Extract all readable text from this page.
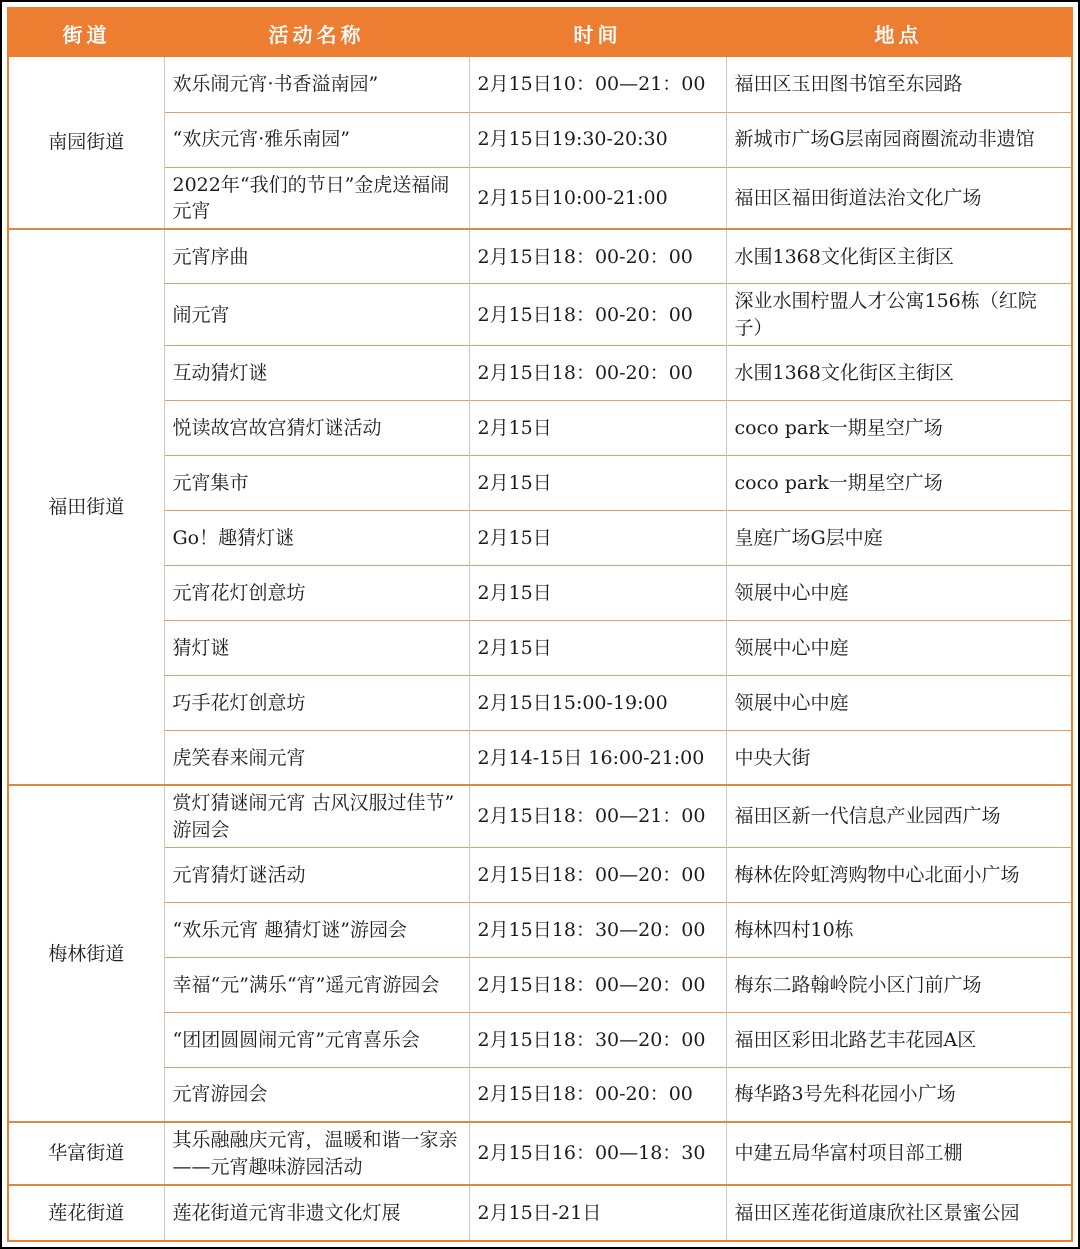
街道	活动名称	时间	地点
南园街道	欢乐闹元宵·书香溢南园”	2月15日10：00—21：00	福田区玉田图书馆至东园路
	“欢庆元宵·雅乐南园”	2月15日19:30-20:30	新城市广场G层南园商圈流动非遗馆
	2022年“我们的节日”金虎送福闹元宵	2月15日10:00-21:00	福田区福田街道法治文化广场
福田街道	元宵序曲	2月15日18：00-20：00	水围1368文化街区主街区
	闹元宵	2月15日18：00-20：00	深业水围柠盟人才公寓156栋（红院子）
	互动猜灯谜	2月15日18：00-20：00	水围1368文化街区主街区
	悦读故宫故宫猜灯谜活动	2月15日	coco park一期星空广场
	元宵集市	2月15日	coco park一期星空广场
	Go！趣猜灯谜	2月15日	皇庭广场G层中庭
	元宵花灯创意坊	2月15日	领展中心中庭
	猜灯谜	2月15日	领展中心中庭
	巧手花灯创意坊	2月15日15:00-19:00	领展中心中庭
	虎笑春来闹元宵	2月14-15日 16:00-21:00	中央大街
梅林街道	赏灯猜谜闹元宵 古风汉服过佳节” 游园会	2月15日18：00—21：00	福田区新一代信息产业园西广场
	元宵猜灯谜活动	2月15日18：00—20：00	梅林佐阾虹湾购物中心北面小广场
	“欢乐元宵 趣猜灯谜”游园会	2月15日18：30—20：00	梅林四村10栋
	幸福“元”满乐“宵”遥元宵游园会	2月15日18：00—20：00	梅东二路翰岭院小区门前广场
	“团团圆圆闹元宵”元宵喜乐会	2月15日18：30—20：00	福田区彩田北路艺丰花园A区
	元宵游园会	2月15日18：00-20：00	梅华路3号先科花园小广场
华富街道	其乐融融庆元宵，温暖和谐一家亲——元宵趣味游园活动	2月15日16：00—18：30	中建五局华富村项目部工棚
莲花街道	莲花街道元宵非遗文化灯展	2月15日-21日	福田区莲花街道康欣社区景蜜公园
